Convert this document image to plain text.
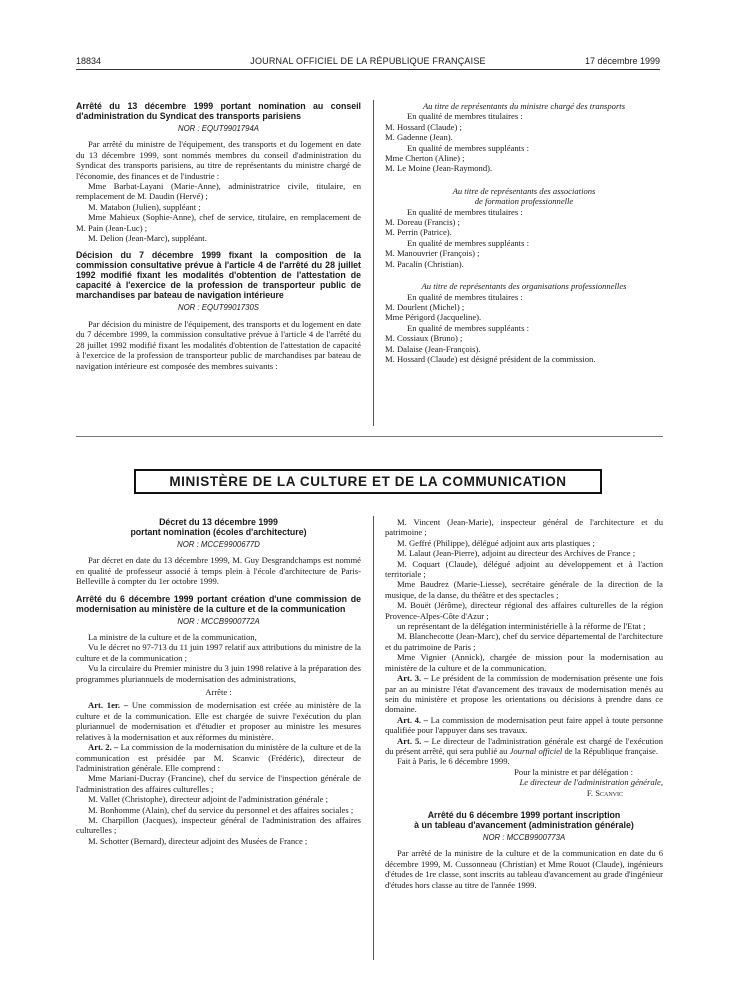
18834	JOURNAL OFFICIEL DE LA RÉPUBLIQUE FRANÇAISE	17 décembre 1999

Arrêté du 13 décembre 1999 portant nomination au conseil d'administration du Syndicat des transports parisiens

NOR : EQUT9901794A

Par arrêté du ministre de l'équipement, des transports et du logement en date du 13 décembre 1999, sont nommés membres du conseil d'administration du Syndicat des transports parisiens, au titre de représentants du ministre chargé de l'économie, des finances et de l'industrie :

Mme Barbat-Layani (Marie-Anne), administratrice civile, titulaire, en remplacement de M. Daudin (Hervé) ;

M. Matabon (Julien), suppléant ;

Mme Mahieux (Sophie-Anne), chef de service, titulaire, en remplacement de M. Pain (Jean-Luc) ;

M. Delion (Jean-Marc), suppléant.

Décision du 7 décembre 1999 fixant la composition de la commission consultative prévue à l'article 4 de l'arrêté du 28 juillet 1992 modifié fixant les modalités d'obtention de l'attestation de capacité à l'exercice de la profession de transporteur public de marchandises par bateau de navigation intérieure

NOR : EQUT9901730S

Par décision du ministre de l'équipement, des transports et du logement en date du 7 décembre 1999, la commission consultative prévue à l'article 4 de l'arrêté du 28 juillet 1992 modifié fixant les modalités d'obtention de l'attestation de capacité à l'exercice de la profession de transporteur public de marchandises par bateau de navigation intérieure est composée des membres suivants :

Au titre de représentants du ministre chargé des transports

En qualité de membres titulaires :

M. Hossard (Claude) ;

M. Gadenne (Jean).

En qualité de membres suppléants :

Mme Cherton (Aline) ;

M. Le Moine (Jean-Raymond).

Au titre de représentants des associations

de formation professionnelle

En qualité de membres titulaires :

M. Doreau (Francis) ;

M. Perrin (Patrice).

En qualité de membres suppléants :

M. Manouvrier (François) ;

M. Pacalin (Christian).

Au titre de représentants des organisations professionnelles

En qualité de membres titulaires :

M. Dourlent (Michel) ;

Mme Périgord (Jacqueline).

En qualité de membres suppléants :

M. Cossiaux (Bruno) ;

M. Dalaise (Jean-François).

M. Hossard (Claude) est désigné président de la commission.

MINISTÈRE DE LA CULTURE ET DE LA COMMUNICATION

Décret du 13 décembre 1999

portant nomination (écoles d'architecture)

NOR : MCCE9900677D

Par décret en date du 13 décembre 1999, M. Guy Desgrandchamps est nommé en qualité de professeur associé à temps plein à l'école d'architecture de Paris-Belleville à compter du 1er octobre 1999.

Arrêté du 6 décembre 1999 portant création d'une commission de modernisation au ministère de la culture et de la communication

NOR : MCCB9900772A

La ministre de la culture et de la communication,

Vu le décret no 97-713 du 11 juin 1997 relatif aux attributions du ministre de la culture et de la communication ;

Vu la circulaire du Premier ministre du 3 juin 1998 relative à la préparation des programmes pluriannuels de modernisation des administrations,

Arrête :

Art. 1er. – Une commission de modernisation est créée au ministère de la culture et de la communication. Elle est chargée de suivre l'exécution du plan pluriannuel de modernisation et d'étudier et proposer au ministre les mesures relatives à la modernisation et aux réformes du ministère.

Art. 2. – La commission de la modernisation du ministère de la culture et de la communication est présidée par M. Scanvic (Frédéric), directeur de l'administration générale. Elle comprend :

Mme Mariani-Ducray (Francine), chef du service de l'inspection générale de l'administration des affaires culturelles ;

M. Vallet (Christophe), directeur adjoint de l'administration générale ;

M. Bonhomme (Alain), chef du service du personnel et des affaires sociales ;

M. Charpillon (Jacques), inspecteur général de l'administration des affaires culturelles ;

M. Schotter (Bernard), directeur adjoint des Musées de France ;

M. Vincent (Jean-Marie), inspecteur général de l'architecture et du patrimoine ;

M. Geffré (Philippe), délégué adjoint aux arts plastiques ;

M. Lalaut (Jean-Pierre), adjoint au directeur des Archives de France ;

M. Coquart (Claude), délégué adjoint au développement et à l'action territoriale ;

Mme Baudrez (Marie-Liesse), secrétaire générale de la direction de la musique, de la danse, du théâtre et des spectacles ;

M. Bouët (Jérôme), directeur régional des affaires culturelles de la région Provence-Alpes-Côte d'Azur ;

un représentant de la délégation interministérielle à la réforme de l'Etat ;

M. Blanchecotte (Jean-Marc), chef du service départemental de l'architecture et du patrimoine de Paris ;

Mme Vignier (Annick), chargée de mission pour la modernisation au ministère de la culture et de la communication.

Art. 3. – Le président de la commission de modernisation présente une fois par an au ministre l'état d'avancement des travaux de modernisation menés au sein du ministère et propose les orientations ou décisions à prendre dans ce domaine.

Art. 4. – La commission de modernisation peut faire appel à toute personne qualifiée pour l'appuyer dans ses travaux.

Art. 5. – Le directeur de l'administration générale est chargé de l'exécution du présent arrêté, qui sera publié au Journal officiel de la République française.

Fait à Paris, le 6 décembre 1999.

Pour la ministre et par délégation :

Le directeur de l'administration générale,

F. Scanvic

Arrêté du 6 décembre 1999 portant inscription

à un tableau d'avancement (administration générale)

NOR : MCCB9900773A

Par arrêté de la ministre de la culture et de la communication en date du 6 décembre 1999, M. Cussonneau (Christian) et Mme Rouot (Claude), ingénieurs d'études de 1re classe, sont inscrits au tableau d'avancement au grade d'ingénieur d'études hors classe au titre de l'année 1999.
